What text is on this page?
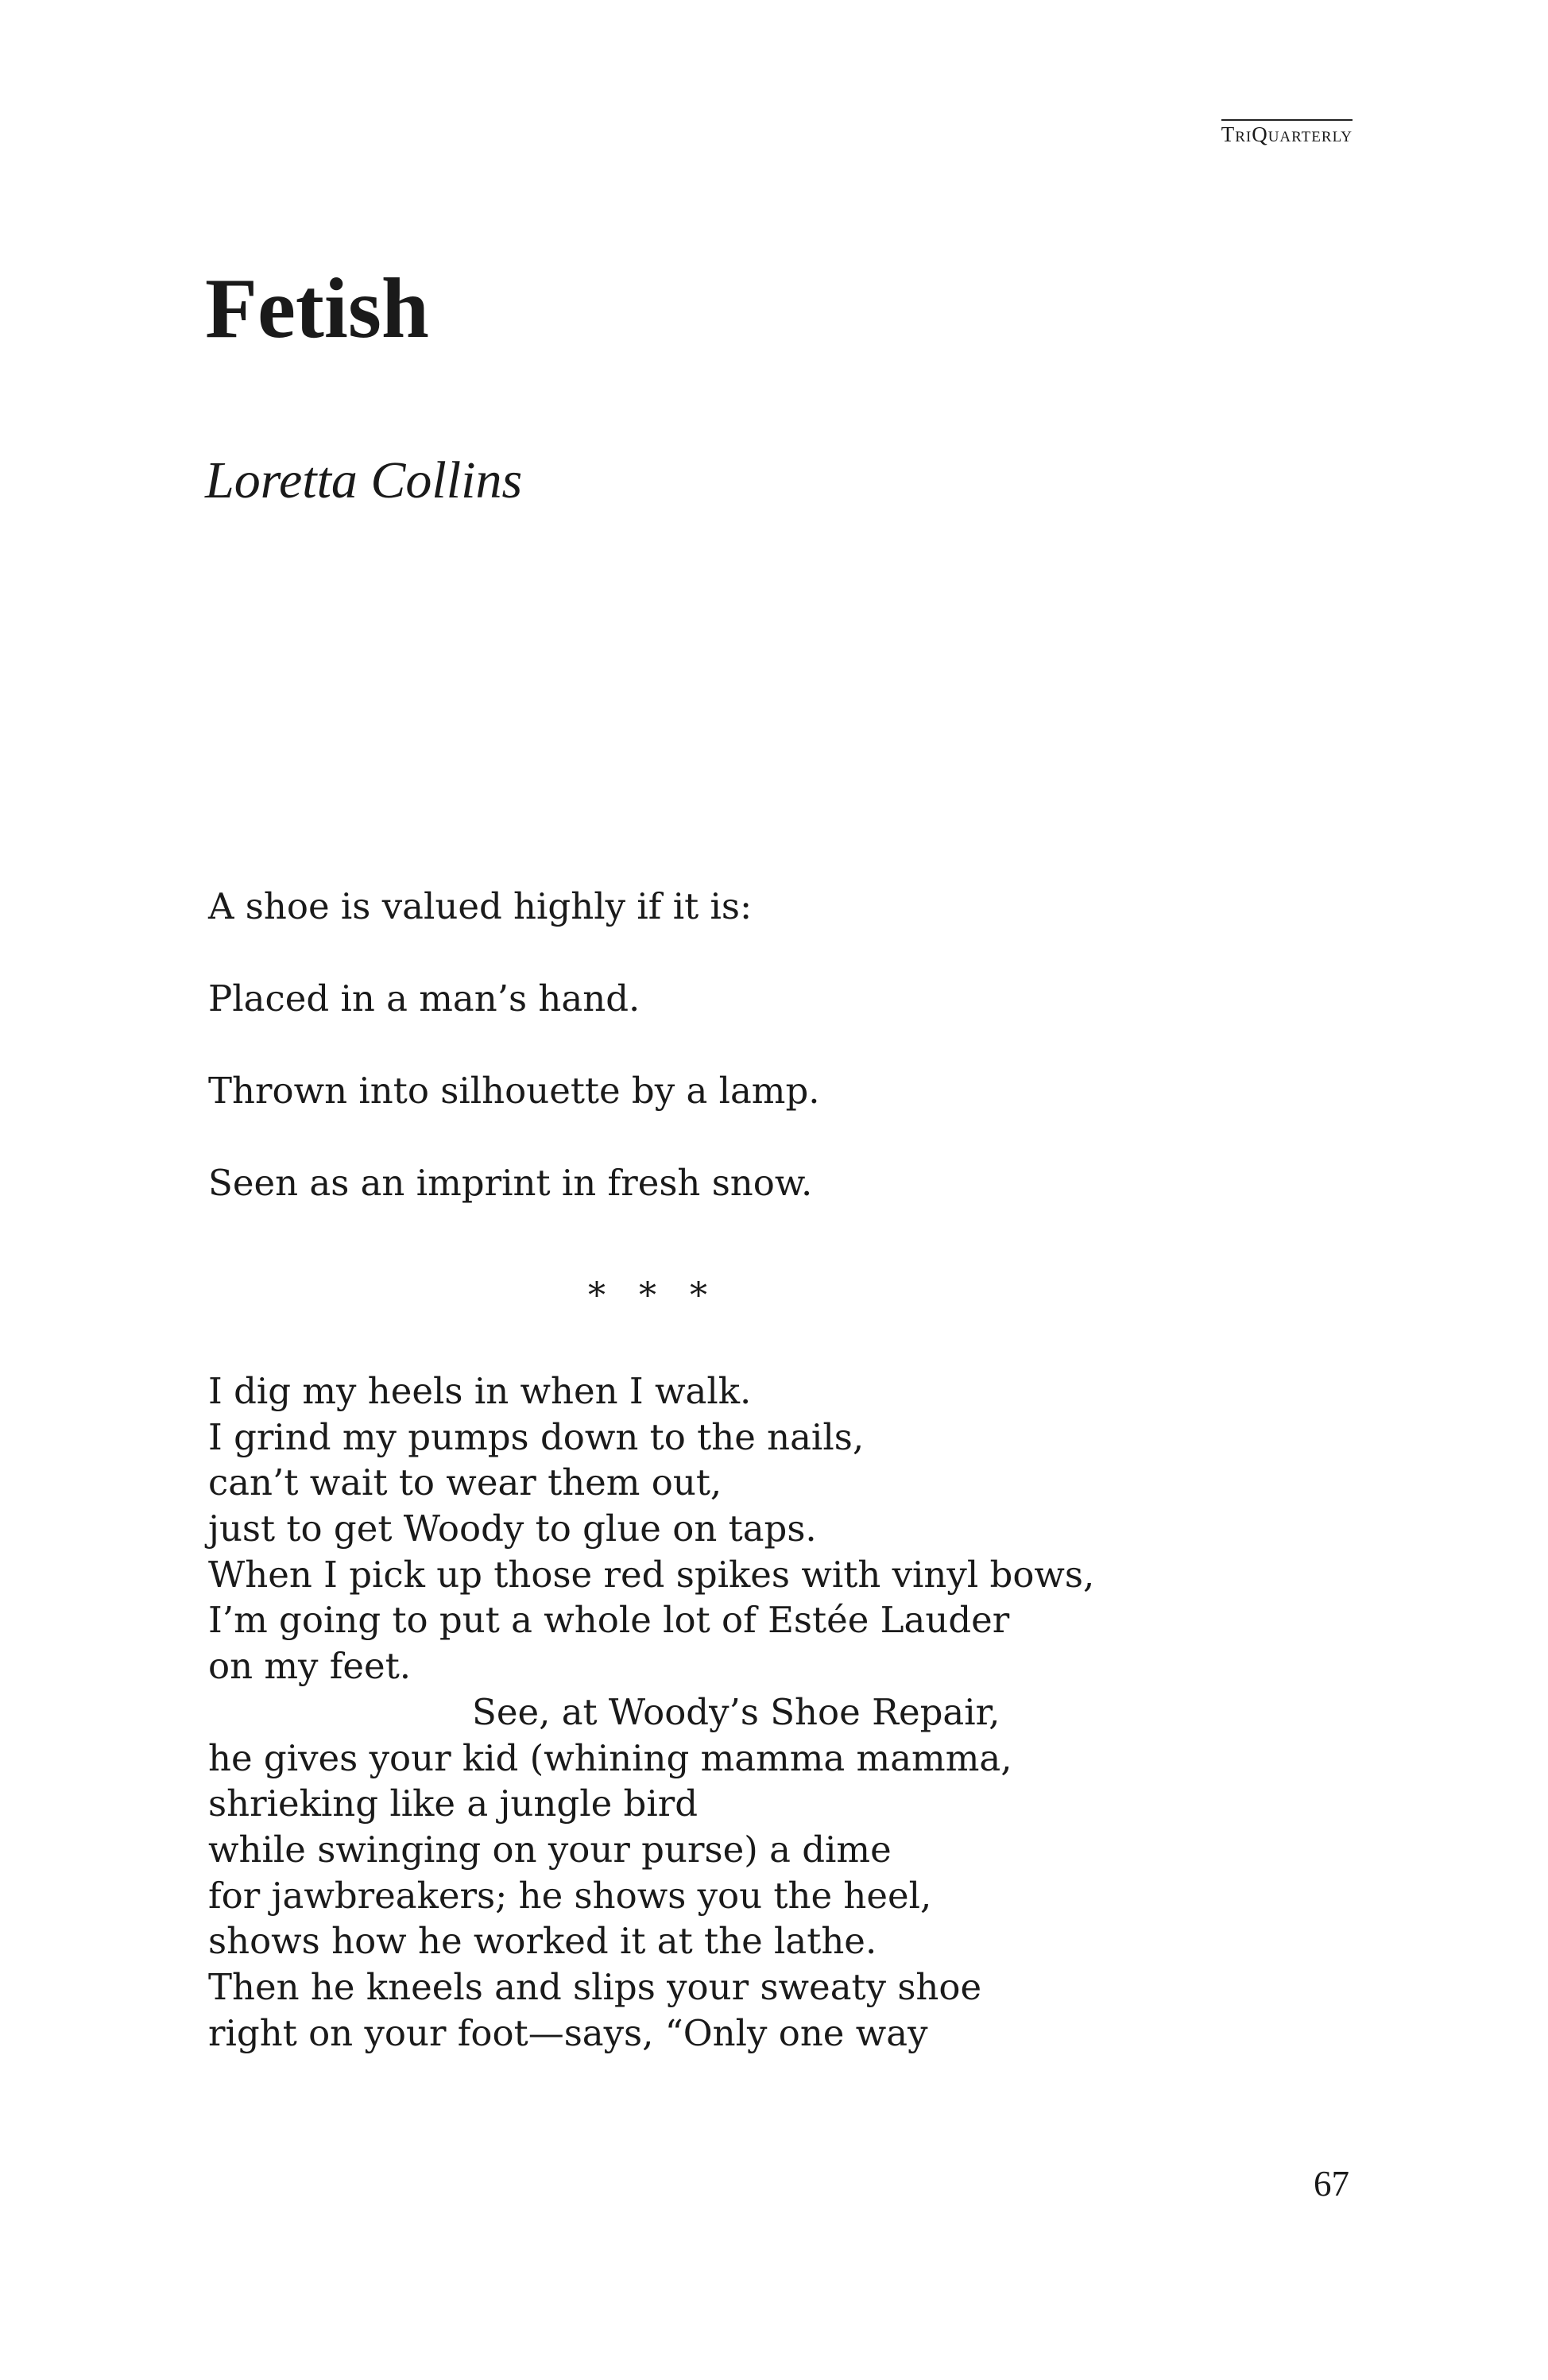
TriQuarterly
Fetish
Loretta Collins
A shoe is valued highly if it is:
Placed in a man’s hand.
Thrown into silhouette by a lamp.
Seen as an imprint in fresh snow.
* * *
I dig my heels in when I walk.
I grind my pumps down to the nails,
can’t wait to wear them out,
just to get Woody to glue on taps.
When I pick up those red spikes with vinyl bows,
I’m going to put a whole lot of Estée Lauder
on my feet.
See, at Woody’s Shoe Repair,
he gives your kid (whining mamma mamma,
shrieking like a jungle bird
while swinging on your purse) a dime
for jawbreakers; he shows you the heel,
shows how he worked it at the lathe.
Then he kneels and slips your sweaty shoe
right on your foot—says, “Only one way
67
